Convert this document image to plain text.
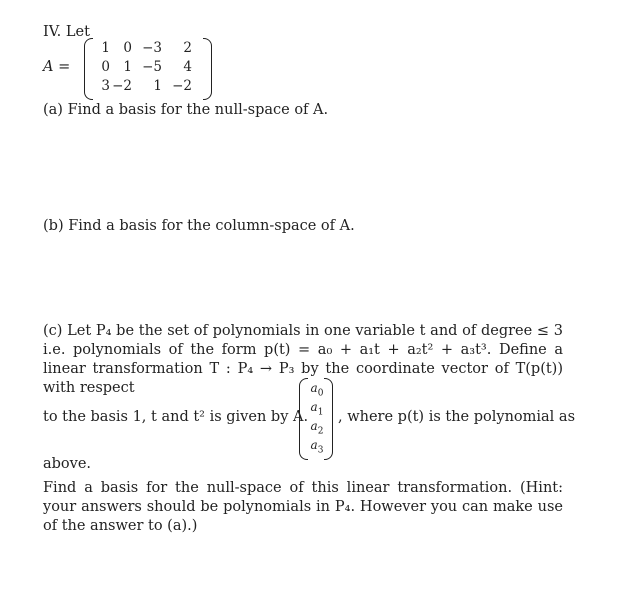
IV. Let
A =
1 0 −3	2
0 1 −5	4
3 −2	1 −2
(a) Find a basis for the null-space of A.
(b) Find a basis for the column-space of A.

(c) Let P₄ be the set of polynomials in one variable t and of degree ≤ 3 i.e. polynomials of the form p(t) = a₀ + a₁t + a₂t² + a₃t³. Define a linear transformation T : P₄ → P₃ by the coordinate vector of T(p(t)) with respect

to the basis 1, t and t² is given by A.
$a_0$
$a_1$
$a_2$
$a_3$
, where p(t) is the polynomial as
above.

Find a basis for the null-space of this linear transformation. (Hint: your answers should be polynomials in P₄. However you can make use of the answer to (a).)
